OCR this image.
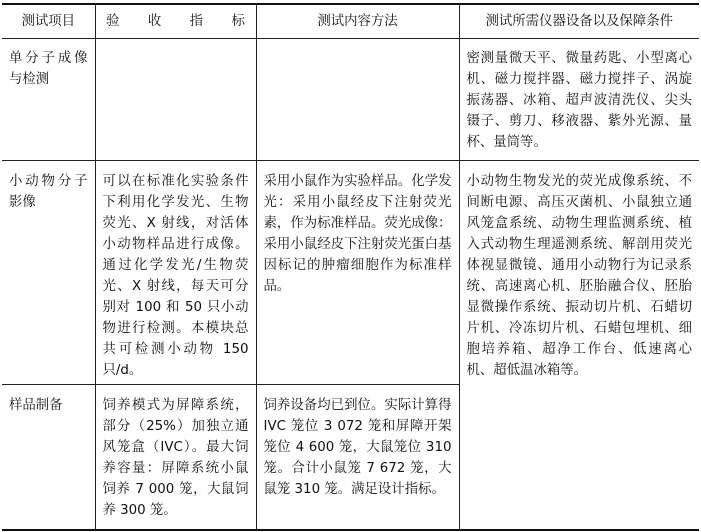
测试项目	验 收 指 标	测试内容方法	测试所需仪器设备以及保障条件
单分子成像与检测			密测量微天平、微量药匙、小型离心机、磁力搅拌器、磁力搅拌子、涡旋振荡器、冰箱、超声波清洗仪、尖头镊子、剪刀、移液器、紫外光源、量杯、量筒等。
小动物分子影像	可以在标准化实验条件下利用化学发光、生物荧光、X 射线，对活体小动物样品进行成像。通过化学发光/生物荧光、X 射线，每天可分别对 100 和 50 只小动物进行检测。本模块总共可检测小动物 150 只/d。	采用小鼠作为实验样品。化学发光：采用小鼠经皮下注射荧光素，作为标准样品。荧光成像：采用小鼠经皮下注射荧光蛋白基因标记的肿瘤细胞作为标准样品。	小动物生物发光的荧光成像系统、不间断电源、高压灭菌机、小鼠独立通风笼盒系统、动物生理监测系统、植入式动物生理遥测系统、解剖用荧光体视显微镜、通用小动物行为记录系统、高速离心机、胚胎融合仪、胚胎显微操作系统、振动切片机、石蜡切片机、冷冻切片机、石蜡包埋机、细胞培养箱、超净工作台、低速离心机、超低温冰箱等。
样品制备	饲养模式为屏障系统，部分（25%）加独立通风笼盒（IVC）。最大饲养容量：屏障系统小鼠饲养 7 000 笼，大鼠饲养 300 笼。	饲养设备均已到位。实际计算得 IVC 笼位 3 072 笼和屏障开架笼位 4 600 笼，大鼠笼位 310 笼。合计小鼠笼 7 672 笼，大鼠笼 310 笼。满足设计指标。	
